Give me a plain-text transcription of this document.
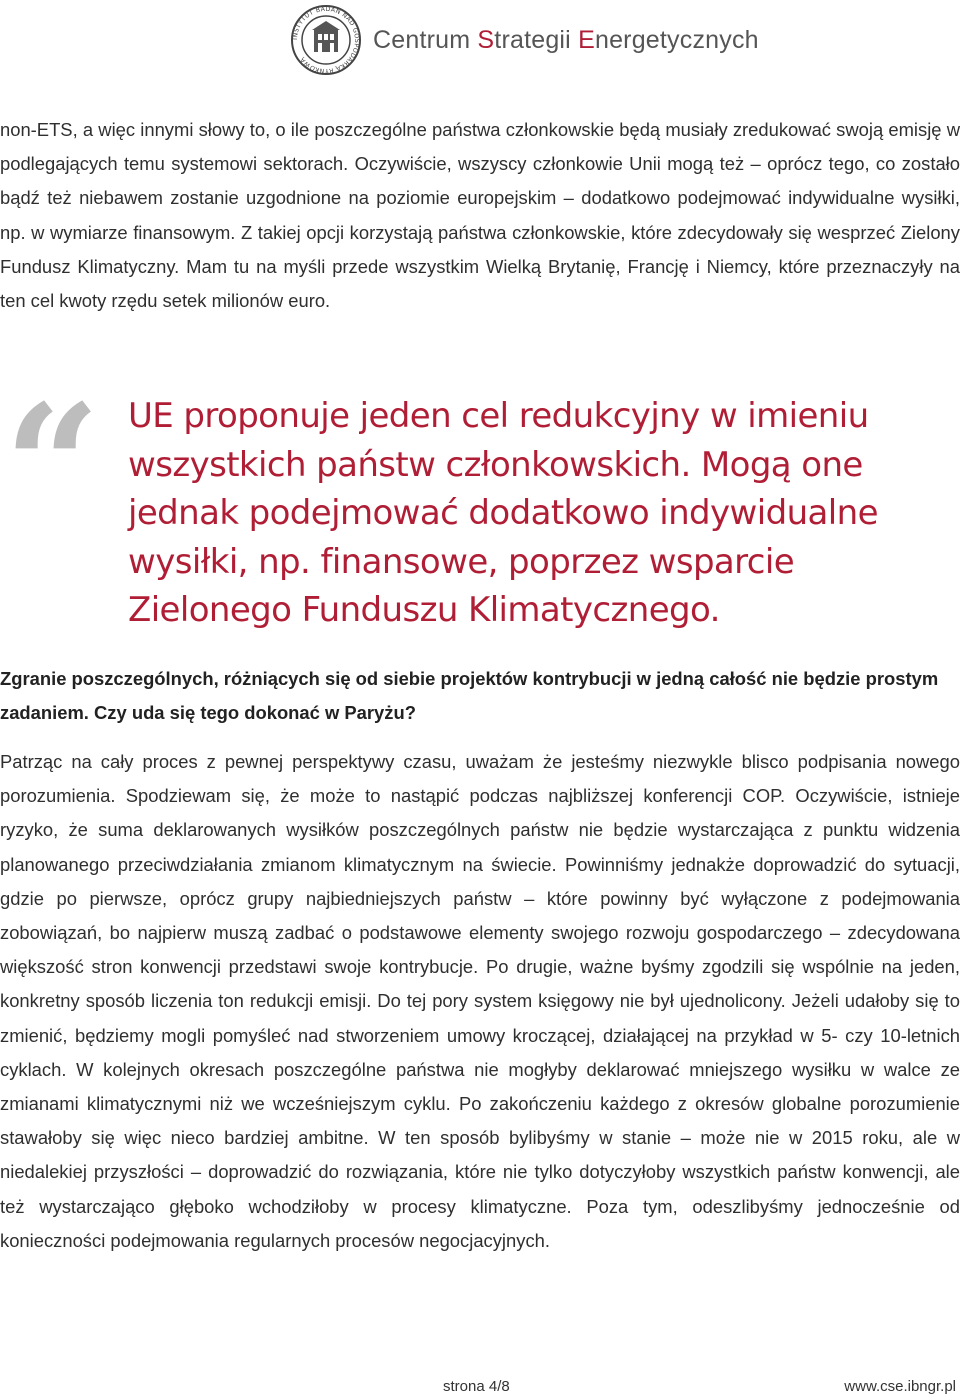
INSTYTUT BADAŃ NAD GOSPODARKĄ RYNKOWĄ
Centrum Strategii Energetycznych

non-ETS, a więc innymi słowy to, o ile poszczególne państwa członkowskie będą musiały zredukować swoją emisję w podlegających temu systemowi sektorach. Oczywiście, wszyscy członkowie Unii mogą też – oprócz tego, co zostało bądź też niebawem zostanie uzgodnione na poziomie europejskim – dodatkowo podejmować indywidualne wysiłki, np. w wymiarze finansowym. Z takiej opcji korzystają państwa członkowskie, które zdecydowały się wesprzeć Zielony Fundusz Klimatyczny. Mam tu na myśli przede wszystkim Wielką Brytanię, Francję i Niemcy, które przeznaczyły na ten cel kwoty rzędu setek milionów euro.

“ UE proponuje jeden cel redukcyjny w imieniu wszystkich państw członkowskich. Mogą one jednak podejmować dodatkowo indywidualne wysiłki, np. finansowe, poprzez wsparcie Zielonego Funduszu Klimatycznego.

Zgranie poszczególnych, różniących się od siebie projektów kontrybucji w jedną całość nie będzie prostym zadaniem. Czy uda się tego dokonać w Paryżu?

Patrząc na cały proces z pewnej perspektywy czasu, uważam że jesteśmy niezwykle blisco podpisania nowego porozumienia. Spodziewam się, że może to nastąpić podczas najbliższej konferencji COP. Oczywiście, istnieje ryzyko, że suma deklarowanych wysiłków poszczególnych państw nie będzie wystarczająca z punktu widzenia planowanego przeciwdziałania zmianom klimatycznym na świecie. Powinniśmy jednakże doprowadzić do sytuacji, gdzie po pierwsze, oprócz grupy najbiedniejszych państw – które powinny być wyłączone z podejmowania zobowiązań, bo najpierw muszą zadbać o podstawowe elementy swojego rozwoju gospodarczego – zdecydowana większość stron konwencji przedstawi swoje kontrybucje. Po drugie, ważne byśmy zgodzili się wspólnie na jeden, konkretny sposób liczenia ton redukcji emisji. Do tej pory system księgowy nie był ujednolicony. Jeżeli udałoby się to zmienić, będziemy mogli pomyśleć nad stworzeniem umowy kroczącej, działającej na przykład w 5- czy 10-letnich cyklach. W kolejnych okresach poszczególne państwa nie mogłyby deklarować mniejszego wysiłku w walce ze zmianami klimatycznymi niż we wcześniejszym cyklu. Po zakończeniu każdego z okresów globalne porozumienie stawałoby się więc nieco bardziej ambitne. W ten sposób bylibyśmy w stanie – może nie w 2015 roku, ale w niedalekiej przyszłości – doprowadzić do rozwiązania, które nie tylko dotyczyłoby wszystkich państw konwencji, ale też wystarczająco głęboko wchodziłoby w procesy klimatyczne. Poza tym, odeszlibyśmy jednocześnie od konieczności podejmowania regularnych procesów negocjacyjnych.

strona 4/8	www.cse.ibngr.pl
